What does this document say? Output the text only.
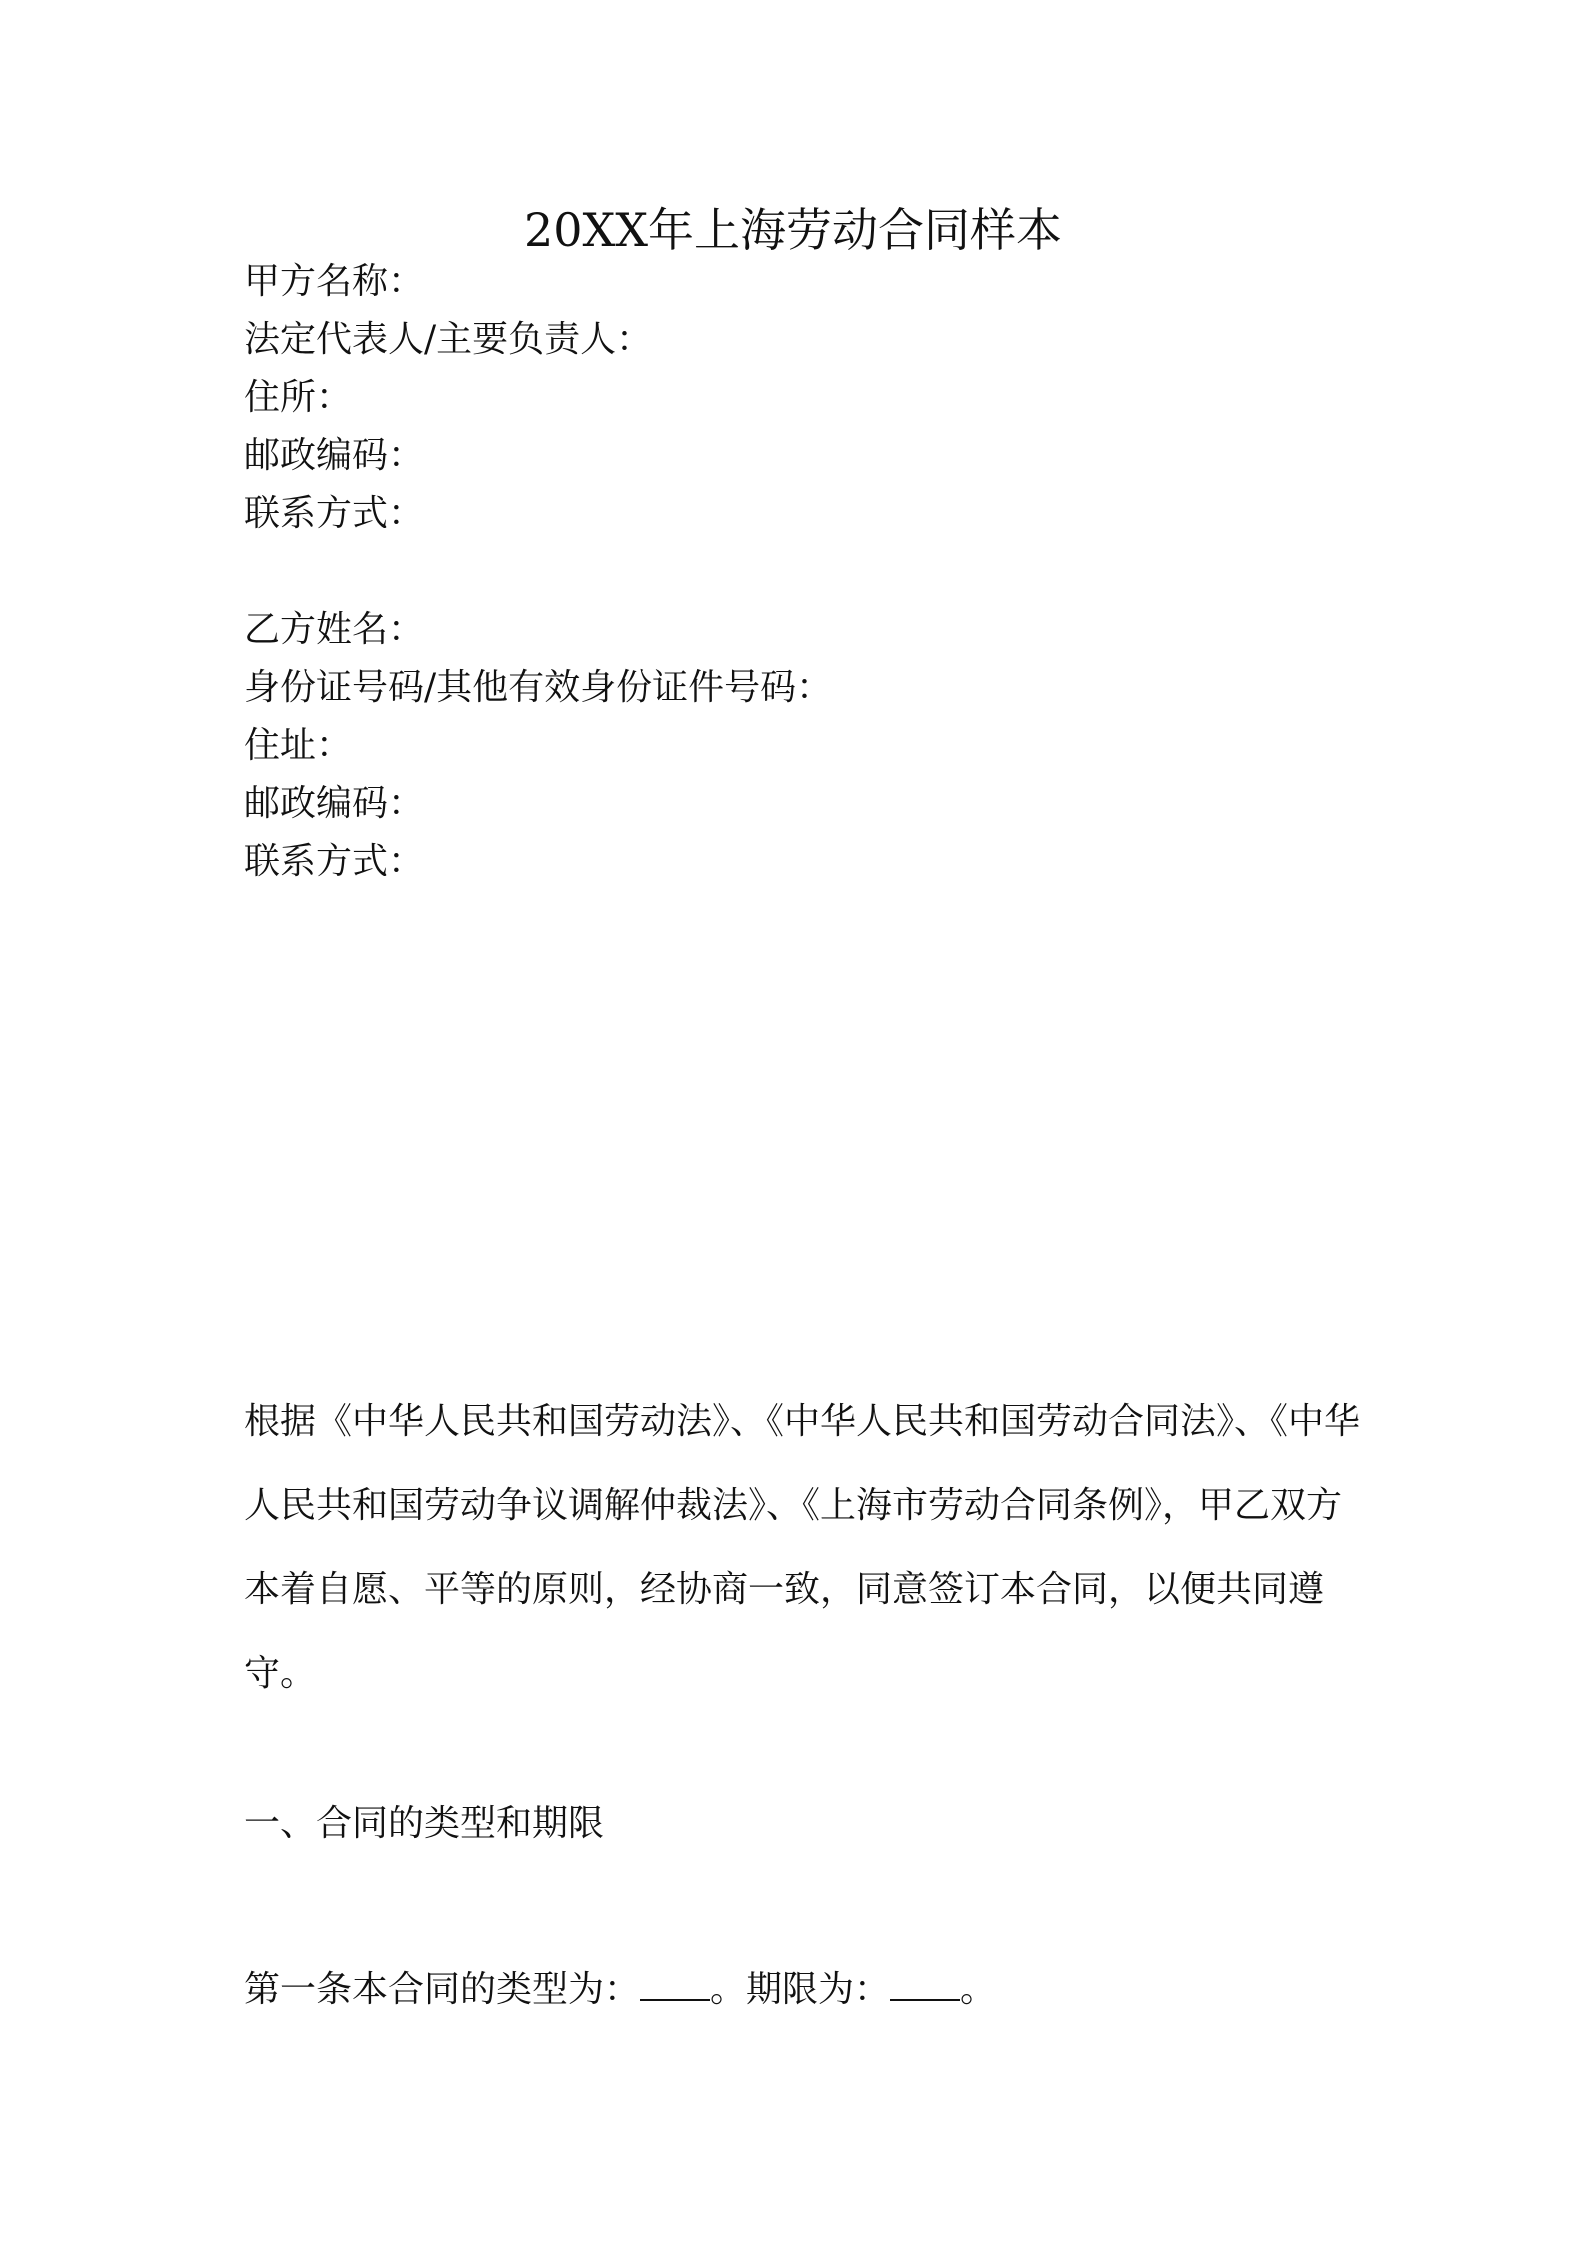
20XX年上海劳动合同样本
甲方名称：
法定代表人/主要负责人：
住所：
邮政编码：
联系方式：
乙方姓名：
身份证号码/其他有效身份证件号码：
住址：
邮政编码：
联系方式：

根据《中华人民共和国劳动法》、《中华人民共和国劳动合同法》、《中华人民共和国劳动争议调解仲裁法》、《上海市劳动合同条例》，甲乙双方本着自愿、平等的原则，经协商一致，同意签订本合同，以便共同遵守。

一、合同的类型和期限
第一条本合同的类型为： 。期限为： 。
